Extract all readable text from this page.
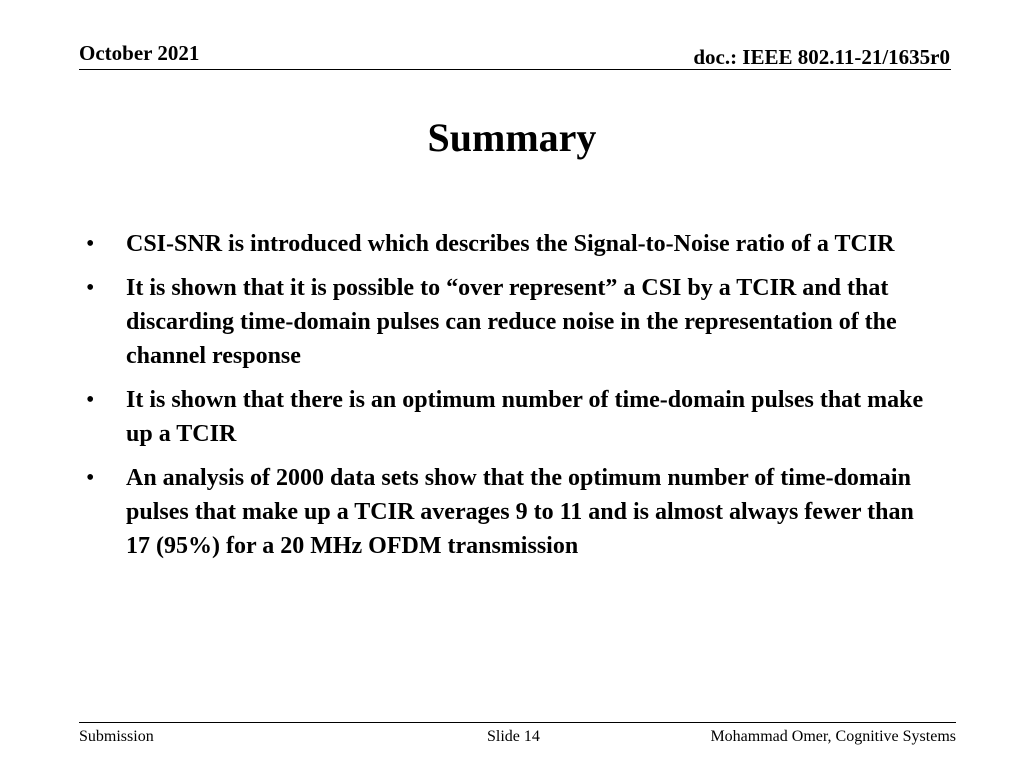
October 2021	doc.: IEEE 802.11-21/1635r0
Summary
• CSI-SNR is introduced which describes the Signal-to-Noise ratio of a TCIR
• It is shown that it is possible to “over represent” a CSI by a TCIR and that discarding time-domain pulses can reduce noise in the representation of the channel response
• It is shown that there is an optimum number of time-domain pulses that make up a TCIR
• An analysis of 2000 data sets show that the optimum number of time-domain pulses that make up a TCIR averages 9 to 11 and is almost always fewer than 17 (95%) for a 20 MHz OFDM transmission
Submission	Slide 14	Mohammad Omer, Cognitive Systems
